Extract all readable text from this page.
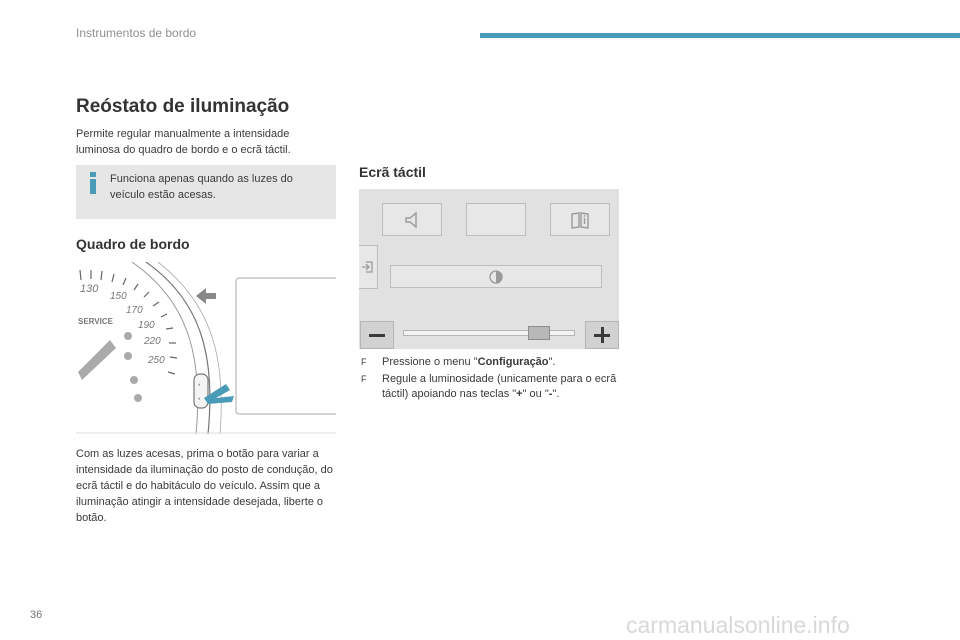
Instrumentos de bordo
Reóstato de iluminação
Permite regular manualmente a intensidade luminosa do quadro de bordo e o ecrã táctil.
Funciona apenas quando as luzes do veículo estão acesas.
Quadro de bordo
130
150
170
190
220
250
SERVICE
*
*
Com as luzes acesas, prima o botão para variar a intensidade da iluminação do posto de condução, do ecrã táctil e do habitáculo do veículo. Assim que a iluminação atingir a intensidade desejada, liberte o botão.
Ecrã táctil
F Pressione o menu "Configuração".
F Regule a luminosidade (unicamente para o ecrã táctil) apoiando nas teclas "+" ou "-".
36	carmanualsonline.info
